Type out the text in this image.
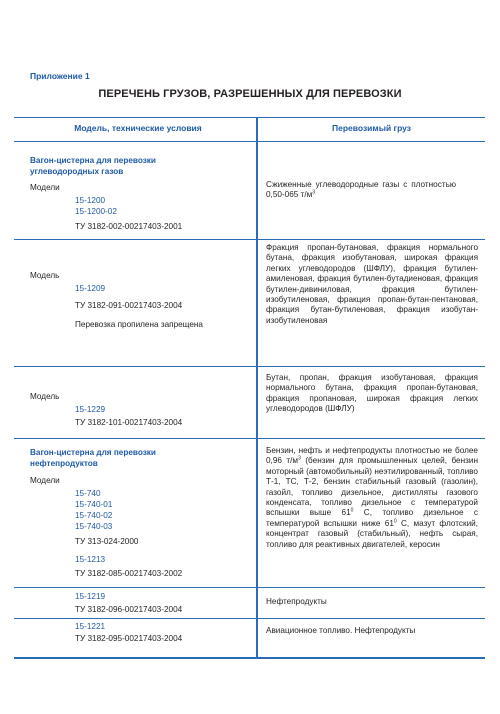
Приложение 1
ПЕРЕЧЕНЬ ГРУЗОВ, РАЗРЕШЕННЫХ ДЛЯ ПЕРЕВОЗКИ
Модель, технические условия	Перевозимый груз
Вагон-цистерна для перевозки
углеводородных газов
Модели
15-1200
15-1200-02
ТУ 3182-002-00217403-2001
Сжиженные углеводородные газы с плотностью 0,50-065 $т/м^3$
Модель
15-1209
ТУ 3182-091-00217403-2004
Перевозка пропилена запрещена
Фракция пропан-бутановая, фракция нормального бутана, фракция изобутановая, широкая фракция легких углеводородов (ШФЛУ), фракция бутилен-амиленовая, фракция бутилен-бутадиеновая, фракция бутилен-дивиниловая, фракция бутилен-изобутиленовая, фракция пропан-бутан-пентановая, фракция бутан-бутиленовая, фракция изобутан-изобутиленовая
Модель
15-1229
ТУ 3182-101-00217403-2004
Бутан, пропан, фракция изобутановая, фракция нормального бутана, фракция пропан-бутановая, фракция пропановая, широкая фракция легких углеводородов (ШФЛУ)
Вагон-цистерна для перевозки
нефтепродуктов
Модели
15-740
15-740-01
15-740-02
15-740-03
ТУ 313-024-2000
15-1213
ТУ 3182-085-00217403-2002
Бензин, нефть и нефтепродукты плотностью не более 0,96 $т/м^3$ (бензин для промышленных целей, бензин моторный (автомобильный) неэтилированный, топливо Т-1, ТС, Т-2, бензин стабильный газовый (газолин), газойл, топливо дизельное, дистилляты газового конденсата, топливо дизельное с температурой вспышки выше $61^0$ С, топливо дизельное с температурой вспышки ниже $61^0$ С, мазут флотский, концентрат газовый (стабильный), нефть сырая, топливо для реактивных двигателей, керосин
15-1219
ТУ 3182-096-00217403-2004
Нефтепродукты
15-1221
ТУ 3182-095-00217403-2004
Авиационное топливо. Нефтепродукты
